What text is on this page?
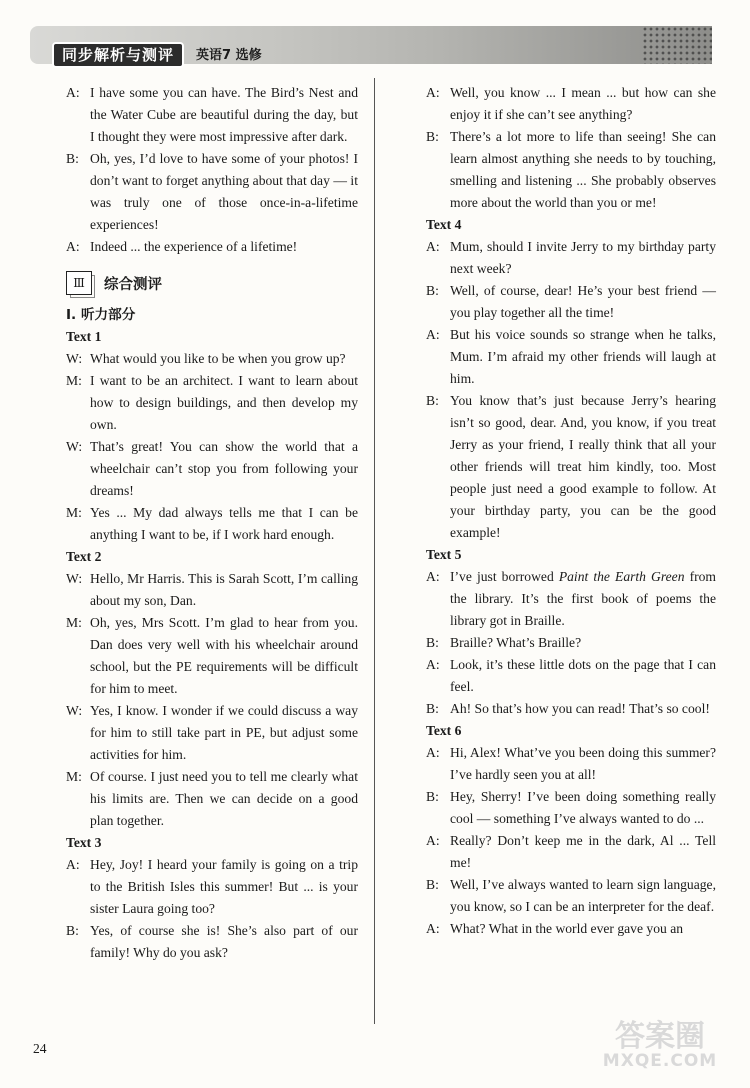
同步解析与测评	英语7 选修
A: I have some you can have. The Bird’s Nest and the Water Cube are beautiful during the day, but I thought they were most impressive after dark.
B: Oh, yes, I’d love to have some of your photos! I don’t want to forget anything about that day — it was truly one of those once-in-a-lifetime experiences!
A: Indeed ... the experience of a lifetime!
Ⅲ	综合测评
Ⅰ. 听力部分
Text 1
W: What would you like to be when you grow up?
M: I want to be an architect. I want to learn about how to design buildings, and then develop my own.
W: That’s great! You can show the world that a wheelchair can’t stop you from following your dreams!
M: Yes ... My dad always tells me that I can be anything I want to be, if I work hard enough.
Text 2
W: Hello, Mr Harris. This is Sarah Scott, I’m calling about my son, Dan.
M: Oh, yes, Mrs Scott. I’m glad to hear from you. Dan does very well with his wheelchair around school, but the PE requirements will be difficult for him to meet.
W: Yes, I know. I wonder if we could discuss a way for him to still take part in PE, but adjust some activities for him.
M: Of course. I just need you to tell me clearly what his limits are. Then we can decide on a good plan together.
Text 3
A: Hey, Joy! I heard your family is going on a trip to the British Isles this summer! But ... is your sister Laura going too?
B: Yes, of course she is! She’s also part of our family! Why do you ask?
A: Well, you know ... I mean ... but how can she enjoy it if she can’t see anything?
B: There’s a lot more to life than seeing! She can learn almost anything she needs to by touching, smelling and listening ... She probably observes more about the world than you or me!
Text 4
A: Mum, should I invite Jerry to my birthday party next week?
B: Well, of course, dear! He’s your best friend — you play together all the time!
A: But his voice sounds so strange when he talks, Mum. I’m afraid my other friends will laugh at him.
B: You know that’s just because Jerry’s hearing isn’t so good, dear. And, you know, if you treat Jerry as your friend, I really think that all your other friends will treat him kindly, too. Most people just need a good example to follow. At your birthday party, you can be the good example!
Text 5
A: I’ve just borrowed Paint the Earth Green from the library. It’s the first book of poems the library got in Braille.
B: Braille? What’s Braille?
A: Look, it’s these little dots on the page that I can feel.
B: Ah! So that’s how you can read! That’s so cool!
Text 6
A: Hi, Alex! What’ve you been doing this summer? I’ve hardly seen you at all!
B: Hey, Sherry! I’ve been doing something really cool — something I’ve always wanted to do ...
A: Really? Don’t keep me in the dark, Al ... Tell me!
B: Well, I’ve always wanted to learn sign language, you know, so I can be an interpreter for the deaf.
A: What? What in the world ever gave you an
24	答案圈
MXQE.COM
